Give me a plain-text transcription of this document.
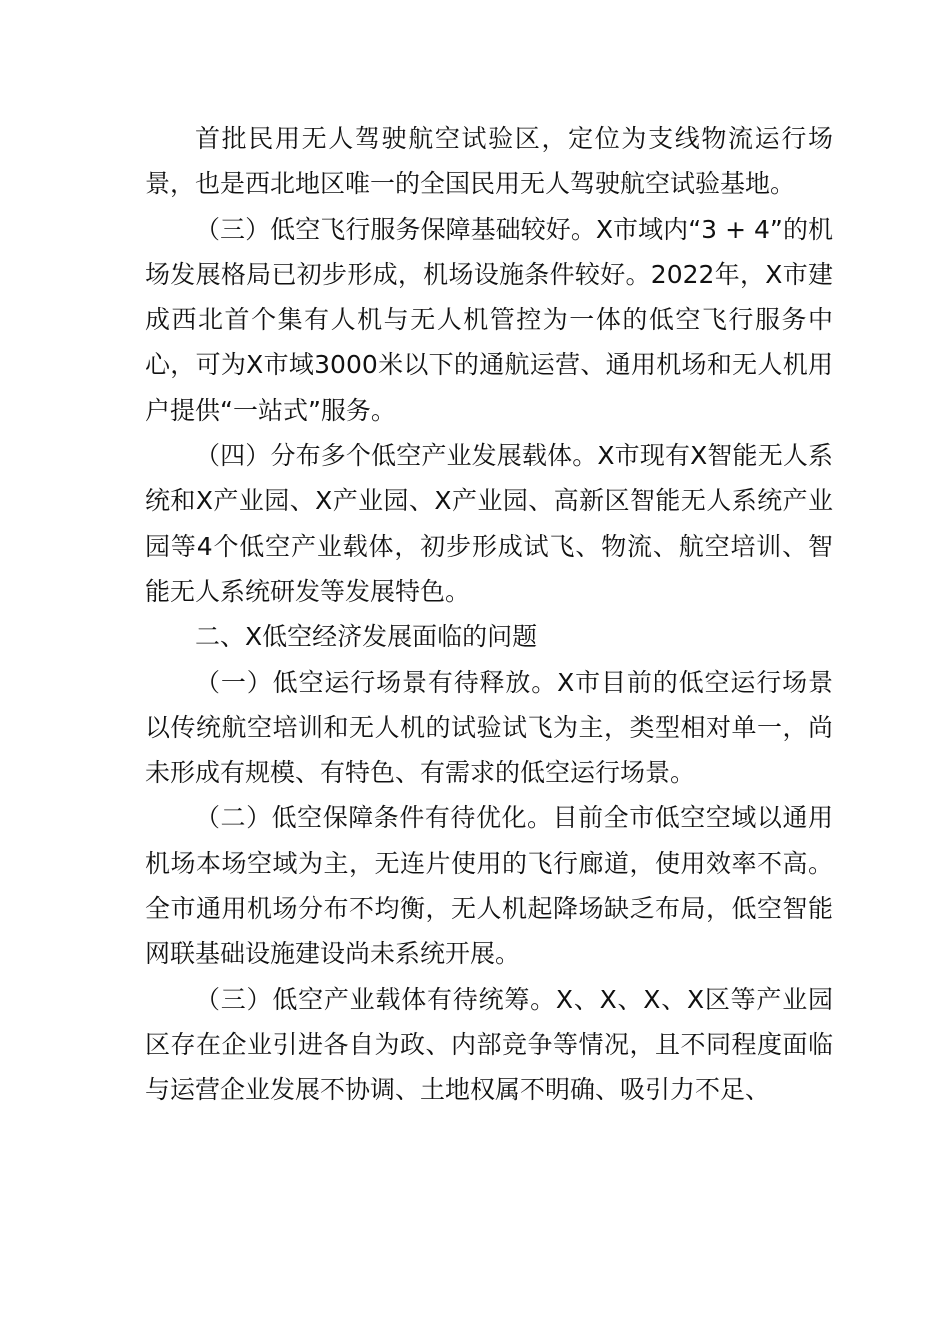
首批民用无人驾驶航空试验区，定位为支线物流运行场景，也是西北地区唯一的全国民用无人驾驶航空试验基地。

（三）低空飞行服务保障基础较好。X市域内“3 + 4”的机场发展格局已初步形成，机场设施条件较好。2022年，X市建成西北首个集有人机与无人机管控为一体的低空飞行服务中心，可为X市域3000米以下的通航运营、通用机场和无人机用户提供“一站式”服务。

（四）分布多个低空产业发展载体。X市现有X智能无人系统和X产业园、X产业园、X产业园、高新区智能无人系统产业园等4个低空产业载体，初步形成试飞、物流、航空培训、智能无人系统研发等发展特色。

二、X低空经济发展面临的问题

（一）低空运行场景有待释放。X市目前的低空运行场景以传统航空培训和无人机的试验试飞为主，类型相对单一，尚未形成有规模、有特色、有需求的低空运行场景。

（二）低空保障条件有待优化。目前全市低空空域以通用机场本场空域为主，无连片使用的飞行廊道，使用效率不高。全市通用机场分布不均衡，无人机起降场缺乏布局，低空智能网联基础设施建设尚未系统开展。

（三）低空产业载体有待统筹。X、X、X、X区等产业园区存在企业引进各自为政、内部竞争等情况，且不同程度面临与运营企业发展不协调、土地权属不明确、吸引力不足、
